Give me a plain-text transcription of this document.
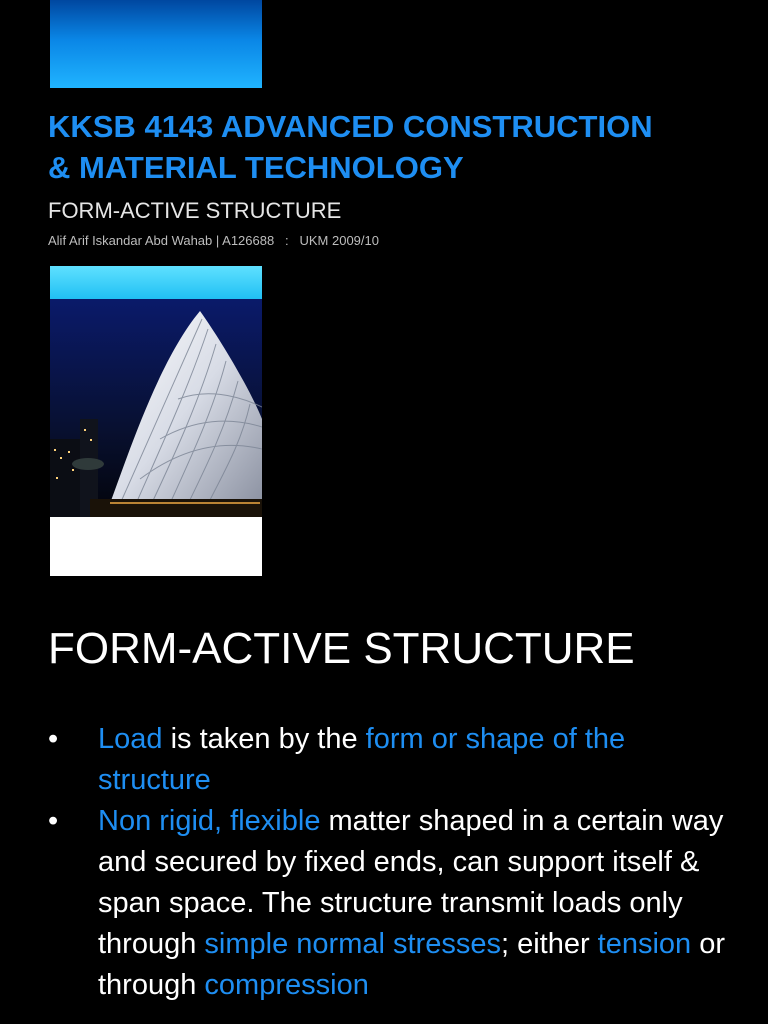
KKSB 4143 ADVANCED CONSTRUCTION
& MATERIAL TECHNOLOGY

FORM-ACTIVE STRUCTURE

Alif Arif Iskandar Abd Wahab | A126688   :   UKM 2009/10

FORM-ACTIVE STRUCTURE
• Load is taken by the form or shape of the structure
• Non rigid, flexible matter shaped in a certain way and secured by fixed ends, can support itself & span space. The structure transmit loads only through simple normal stresses; either tension or through compression
